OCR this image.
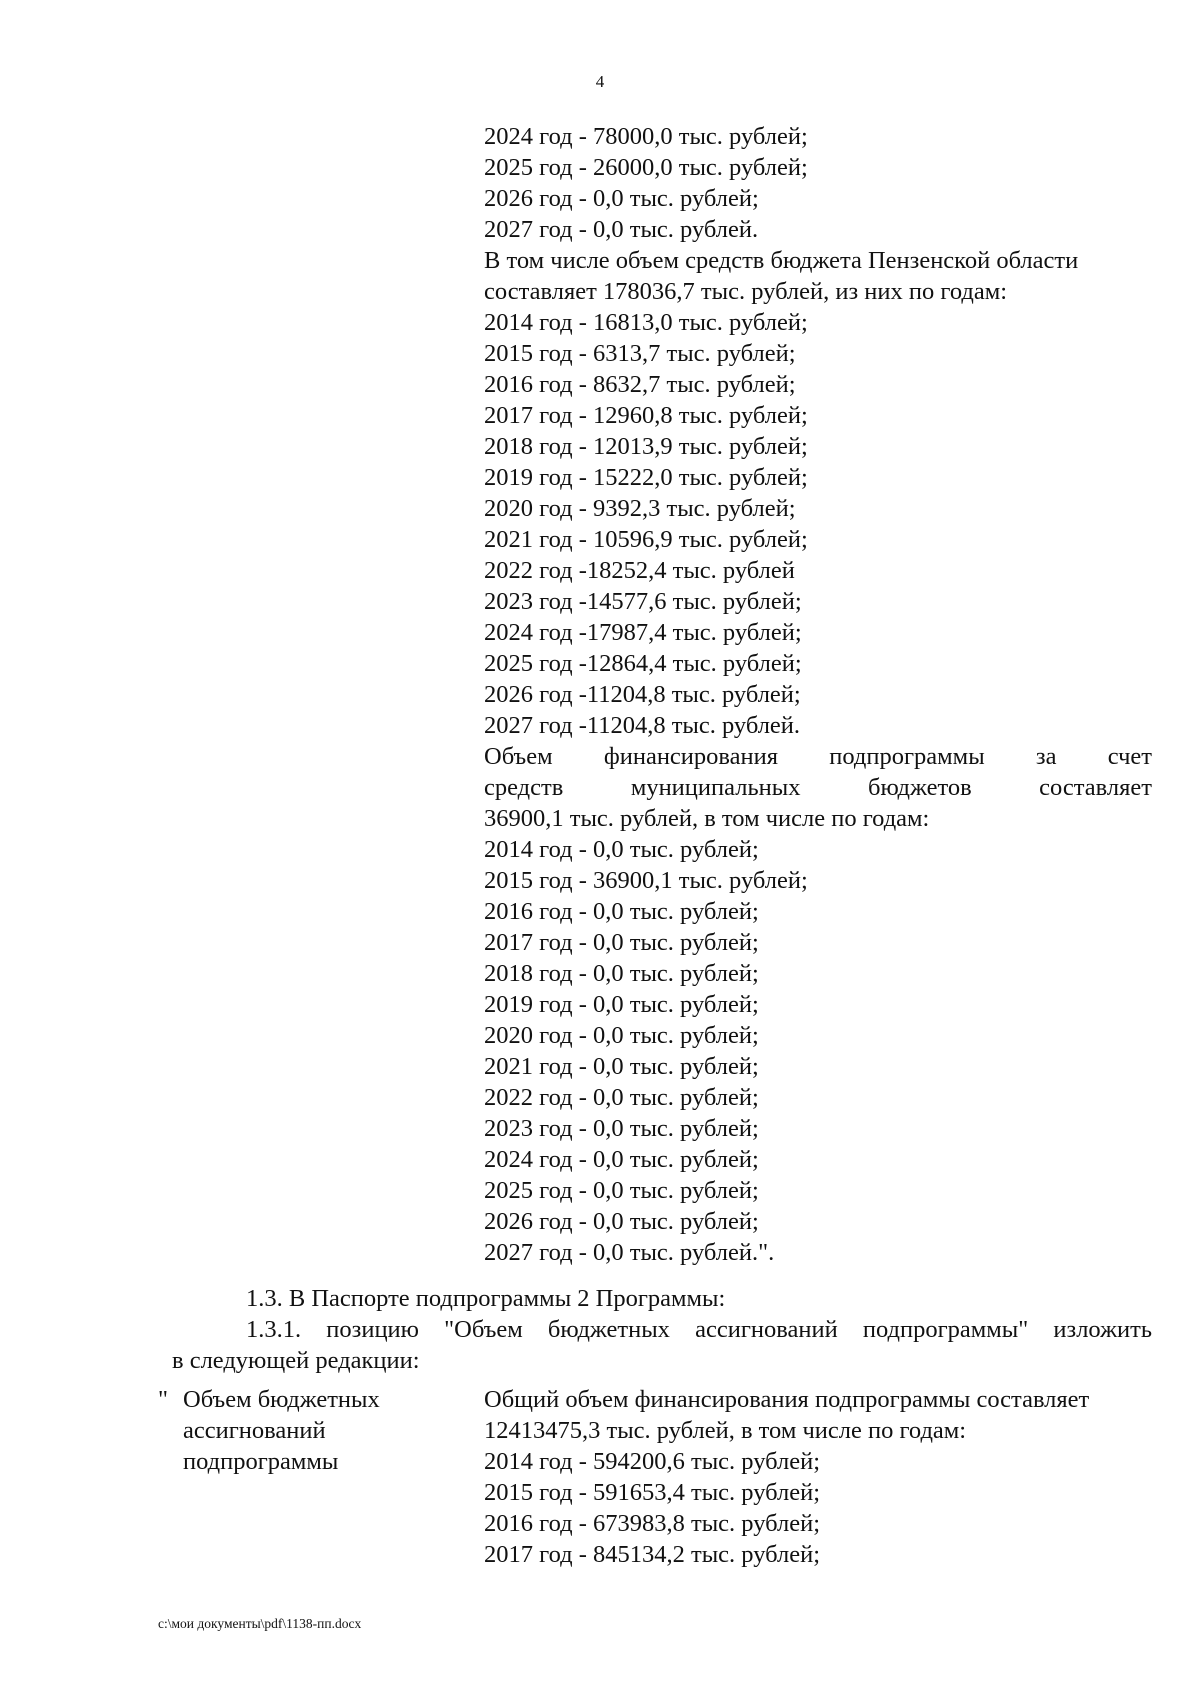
4
2024 год - 78000,0 тыс. рублей;
2025 год - 26000,0 тыс. рублей;
2026 год - 0,0 тыс. рублей;
2027 год - 0,0 тыс. рублей.
В том числе объем средств бюджета Пензенской области
составляет 178036,7 тыс. рублей, из них по годам:
2014 год - 16813,0 тыс. рублей;
2015 год - 6313,7 тыс. рублей;
2016 год - 8632,7 тыс. рублей;
2017 год - 12960,8 тыс. рублей;
2018 год - 12013,9 тыс. рублей;
2019 год - 15222,0 тыс. рублей;
2020 год - 9392,3 тыс. рублей;
2021 год - 10596,9 тыс. рублей;
2022 год -18252,4 тыс. рублей
2023 год -14577,6 тыс. рублей;
2024 год -17987,4 тыс. рублей;
2025 год -12864,4 тыс. рублей;
2026 год -11204,8 тыс. рублей;
2027 год -11204,8 тыс. рублей.
Объем финансирования подпрограммы за счет
средств муниципальных бюджетов составляет
36900,1 тыс. рублей, в том числе по годам:
2014 год - 0,0 тыс. рублей;
2015 год - 36900,1 тыс. рублей;
2016 год - 0,0 тыс. рублей;
2017 год - 0,0 тыс. рублей;
2018 год - 0,0 тыс. рублей;
2019 год - 0,0 тыс. рублей;
2020 год - 0,0 тыс. рублей;
2021 год - 0,0 тыс. рублей;
2022 год - 0,0 тыс. рублей;
2023 год - 0,0 тыс. рублей;
2024 год - 0,0 тыс. рублей;
2025 год - 0,0 тыс. рублей;
2026 год - 0,0 тыс. рублей;
2027 год - 0,0 тыс. рублей.".
1.3. В Паспорте подпрограммы 2 Программы:
1.3.1. позицию "Объем бюджетных ассигнований подпрограммы" изложить
в следующей редакции:
" Объем бюджетных
ассигнований
подпрограммы
Общий объем финансирования подпрограммы составляет
12413475,3 тыс. рублей, в том числе по годам:
2014 год - 594200,6 тыс. рублей;
2015 год - 591653,4 тыс. рублей;
2016 год - 673983,8 тыс. рублей;
2017 год - 845134,2 тыс. рублей;
c:\мои документы\pdf\1138-пп.docx
